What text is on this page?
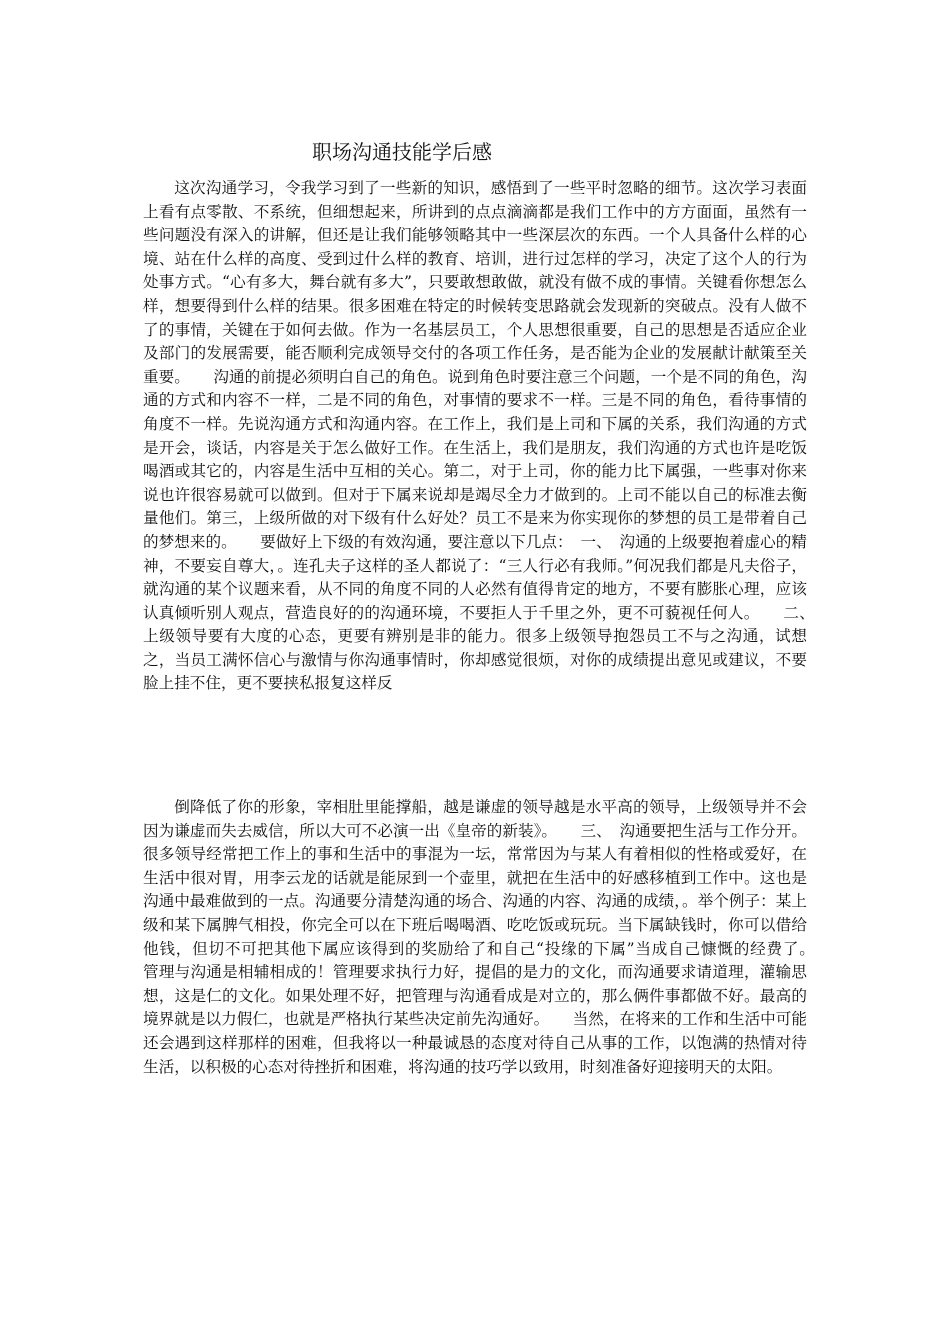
职场沟通技能学后感

这次沟通学习，令我学习到了一些新的知识，感悟到了一些平时忽略的细节。这次学习表面上看有点零散、不系统，但细想起来，所讲到的点点滴滴都是我们工作中的方方面面，虽然有一些问题没有深入的讲解，但还是让我们能够领略其中一些深层次的东西。一个人具备什么样的心境、站在什么样的高度、受到过什么样的教育、培训，进行过怎样的学习，决定了这个人的行为处事方式。“心有多大，舞台就有多大”，只要敢想敢做，就没有做不成的事情。关键看你想怎么样，想要得到什么样的结果。很多困难在特定的时候转变思路就会发现新的突破点。没有人做不了的事情，关键在于如何去做。作为一名基层员工，个人思想很重要，自己的思想是否适应企业及部门的发展需要，能否顺利完成领导交付的各项工作任务，是否能为企业的发展献计献策至关重要。　　沟通的前提必须明白自己的角色。说到角色时要注意三个问题，一个是不同的角色，沟通的方式和内容不一样，二是不同的角色，对事情的要求不一样。三是不同的角色，看待事情的角度不一样。先说沟通方式和沟通内容。在工作上，我们是上司和下属的关系，我们沟通的方式是开会，谈话，内容是关于怎么做好工作。在生活上，我们是朋友，我们沟通的方式也许是吃饭喝酒或其它的，内容是生活中互相的关心。第二，对于上司，你的能力比下属强，一些事对你来说也许很容易就可以做到。但对于下属来说却是竭尽全力才做到的。上司不能以自己的标准去衡量他们。第三，上级所做的对下级有什么好处？员工不是来为你实现你的梦想的员工是带着自己的梦想来的。　　要做好上下级的有效沟通，要注意以下几点：　一、　沟通的上级要抱着虚心的精神，不要妄自尊大，。连孔夫子这样的圣人都说了：“三人行必有我师。”何况我们都是凡夫俗子，就沟通的某个议题来看，从不同的角度不同的人必然有值得肯定的地方，不要有膨胀心理，应该认真倾听别人观点，营造良好的的沟通环境，不要拒人于千里之外，更不可藐视任何人。　　二、　上级领导要有大度的心态，更要有辨别是非的能力。很多上级领导抱怨员工不与之沟通，试想之，当员工满怀信心与激情与你沟通事情时，你却感觉很烦，对你的成绩提出意见或建议，不要脸上挂不住，更不要挟私报复这样反

倒降低了你的形象，宰相肚里能撑船，越是谦虚的领导越是水平高的领导，上级领导并不会因为谦虚而失去威信，所以大可不必演一出《皇帝的新装》。　　三、　沟通要把生活与工作分开。很多领导经常把工作上的事和生活中的事混为一坛，常常因为与某人有着相似的性格或爱好，在生活中很对胃，用李云龙的话就是能尿到一个壶里，就把在生活中的好感移植到工作中。这也是沟通中最难做到的一点。沟通要分清楚沟通的场合、沟通的内容、沟通的成绩，。举个例子：某上级和某下属脾气相投，你完全可以在下班后喝喝酒、吃吃饭或玩玩。当下属缺钱时，你可以借给他钱，但切不可把其他下属应该得到的奖励给了和自己“投缘的下属”当成自己慷慨的经费了。　　管理与沟通是相辅相成的！管理要求执行力好，提倡的是力的文化，而沟通要求请道理，灌输思想，这是仁的文化。如果处理不好，把管理与沟通看成是对立的，那么俩件事都做不好。最高的境界就是以力假仁，也就是严格执行某些决定前先沟通好。　　当然，在将来的工作和生活中可能还会遇到这样那样的困难，但我将以一种最诚恳的态度对待自己从事的工作，以饱满的热情对待生活，以积极的心态对待挫折和困难，将沟通的技巧学以致用，时刻准备好迎接明天的太阳。
